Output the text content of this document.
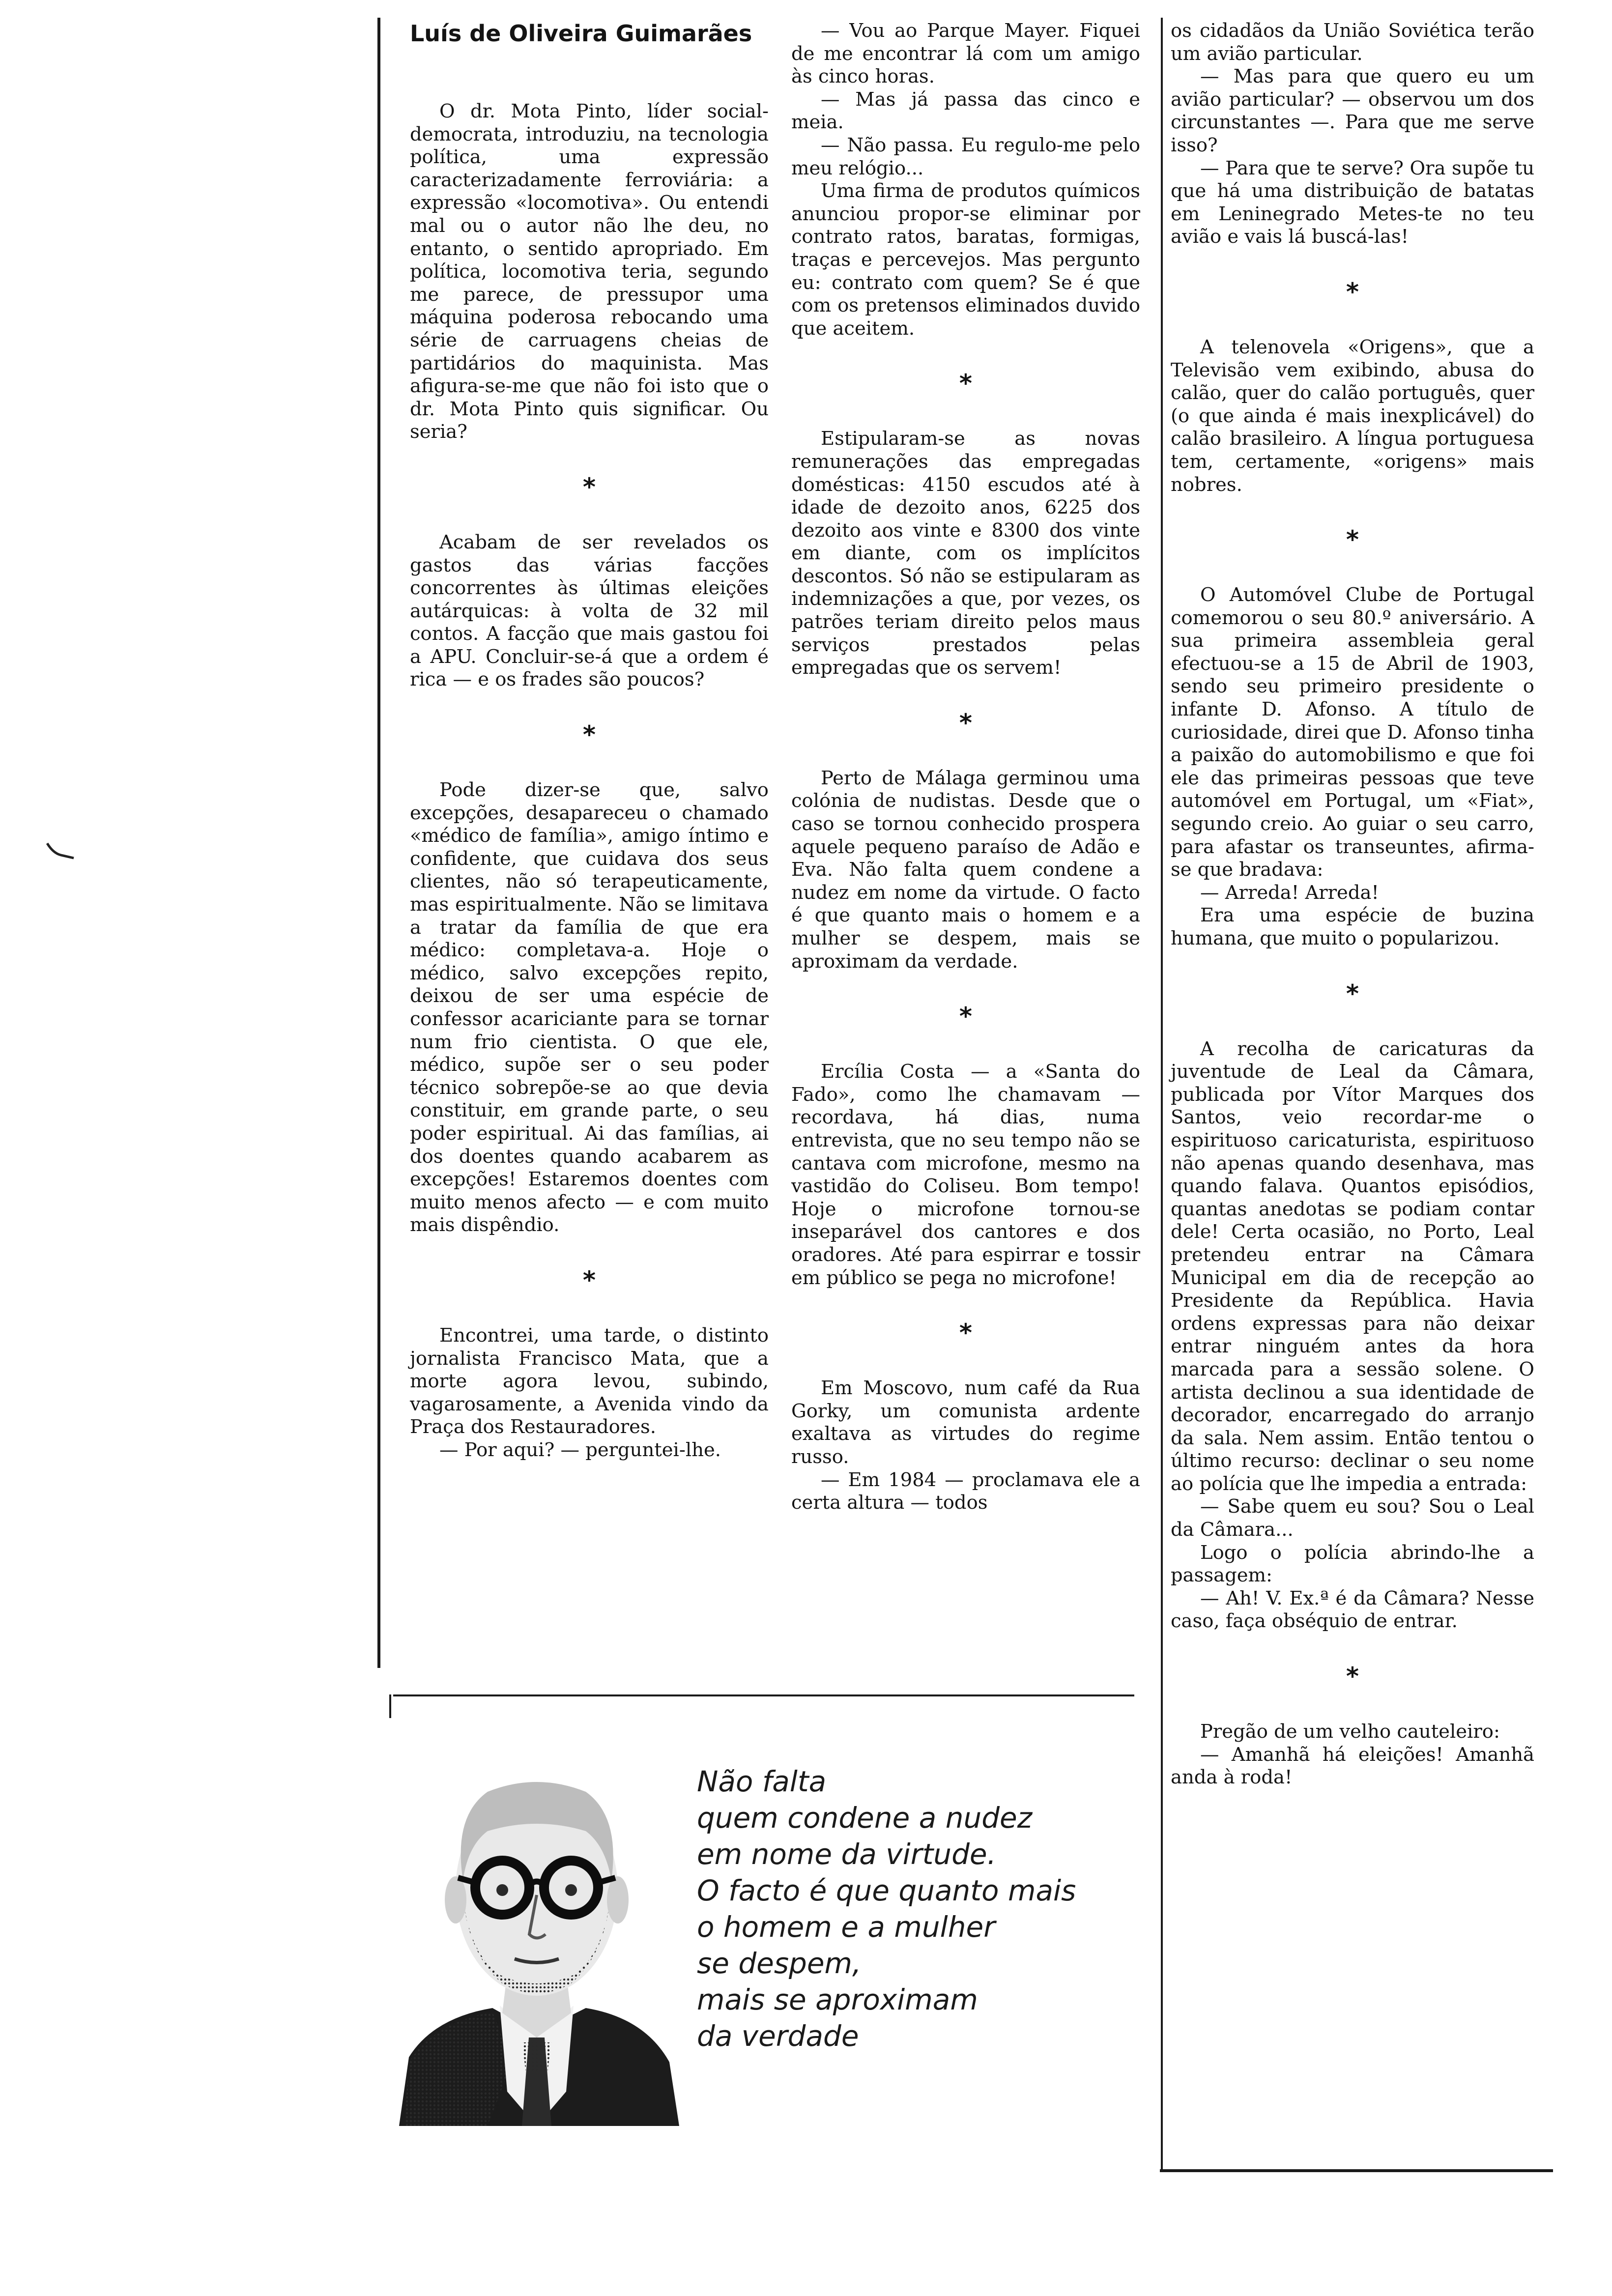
Luís de Oliveira Guimarães

O dr. Mota Pinto, líder social-democrata, introduziu, na tecnologia política, uma expressão caracterizadamente ferroviária: a expressão «locomotiva». Ou entendi mal ou o autor não lhe deu, no entanto, o sentido apropriado. Em política, locomotiva teria, segundo me parece, de pressupor uma máquina poderosa rebocando uma série de carruagens cheias de partidários do maquinista. Mas afigura-se-me que não foi isto que o dr. Mota Pinto quis significar. Ou seria?

*

Acabam de ser revelados os gastos das várias facções concorrentes às últimas eleições autárquicas: à volta de 32 mil contos. A facção que mais gastou foi a APU. Concluir-se-á que a ordem é rica — e os frades são poucos?

*

Pode dizer-se que, salvo excepções, desapareceu o chamado «médico de família», amigo íntimo e confidente, que cuidava dos seus clientes, não só terapeuticamente, mas espiritualmente. Não se limitava a tratar da família de que era médico: completava-a. Hoje o médico, salvo excepções repito, deixou de ser uma espécie de confessor acariciante para se tornar num frio cientista. O que ele, médico, supõe ser o seu poder técnico sobrepõe-se ao que devia constituir, em grande parte, o seu poder espiritual. Ai das famílias, ai dos doentes quando acabarem as excepções! Estaremos doentes com muito menos afecto — e com muito mais dispêndio.

*

Encontrei, uma tarde, o distinto jornalista Francisco Mata, que a morte agora levou, subindo, vagarosamente, a Avenida vindo da Praça dos Restauradores.

— Por aqui? — perguntei-lhe.

— Vou ao Parque Mayer. Fiquei de me encontrar lá com um amigo às cinco horas.

— Mas já passa das cinco e meia.

— Não passa. Eu regulo-me pelo meu relógio...

Uma firma de produtos químicos anunciou propor-se eliminar por contrato ratos, baratas, formigas, traças e percevejos. Mas pergunto eu: contrato com quem? Se é que com os pretensos eliminados duvido que aceitem.

*

Estipularam-se as novas remunerações das empregadas domésticas: 4150 escudos até à idade de dezoito anos, 6225 dos dezoito aos vinte e 8300 dos vinte em diante, com os implícitos descontos. Só não se estipularam as indemnizações a que, por vezes, os patrões teriam direito pelos maus serviços prestados pelas empregadas que os servem!

*

Perto de Málaga germinou uma colónia de nudistas. Desde que o caso se tornou conhecido prospera aquele pequeno paraíso de Adão e Eva. Não falta quem condene a nudez em nome da virtude. O facto é que quanto mais o homem e a mulher se despem, mais se aproximam da verdade.

*

Ercília Costa — a «Santa do Fado», como lhe chamavam — recordava, há dias, numa entrevista, que no seu tempo não se cantava com microfone, mesmo na vastidão do Coliseu. Bom tempo! Hoje o microfone tornou-se inseparável dos cantores e dos oradores. Até para espirrar e tossir em público se pega no microfone!

*

Em Moscovo, num café da Rua Gorky, um comunista ardente exaltava as virtudes do regime russo.

— Em 1984 — proclamava ele a certa altura — todos

os cidadãos da União Soviética terão um avião particular.

— Mas para que quero eu um avião particular? — observou um dos circunstantes —. Para que me serve isso?

— Para que te serve? Ora supõe tu que há uma distribuição de batatas em Leninegrado Metes-te no teu avião e vais lá buscá-las!

*

A telenovela «Origens», que a Televisão vem exibindo, abusa do calão, quer do calão português, quer (o que ainda é mais inexplicável) do calão brasileiro. A língua portuguesa tem, certamente, «origens» mais nobres.

*

O Automóvel Clube de Portugal comemorou o seu 80.º aniversário. A sua primeira assembleia geral efectuou-se a 15 de Abril de 1903, sendo seu primeiro presidente o infante D. Afonso. A título de curiosidade, direi que D. Afonso tinha a paixão do automobilismo e que foi ele das primeiras pessoas que teve automóvel em Portugal, um «Fiat», segundo creio. Ao guiar o seu carro, para afastar os transeuntes, afirma-se que bradava:

— Arreda! Arreda!

Era uma espécie de buzina humana, que muito o popularizou.

*

A recolha de caricaturas da juventude de Leal da Câmara, publicada por Vítor Marques dos Santos, veio recordar-me o espirituoso caricaturista, espirituoso não apenas quando desenhava, mas quando falava. Quantos episódios, quantas anedotas se podiam contar dele! Certa ocasião, no Porto, Leal pretendeu entrar na Câmara Municipal em dia de recepção ao Presidente da República. Havia ordens expressas para não deixar entrar ninguém antes da hora marcada para a sessão solene. O artista declinou a sua identidade de decorador, encarregado do arranjo da sala. Nem assim. Então tentou o último recurso: declinar o seu nome ao polícia que lhe impedia a entrada:

— Sabe quem eu sou? Sou o Leal da Câmara...

Logo o polícia abrindo-lhe a passagem:

— Ah! V. Ex.ª é da Câmara? Nesse caso, faça obséquio de entrar.

*

Pregão de um velho cauteleiro:

— Amanhã há eleições! Amanhã anda à roda!

Não falta
quem condene a nudez
em nome da virtude.
O facto é que quanto mais
o homem e a mulher
se despem,
mais se aproximam
da verdade
